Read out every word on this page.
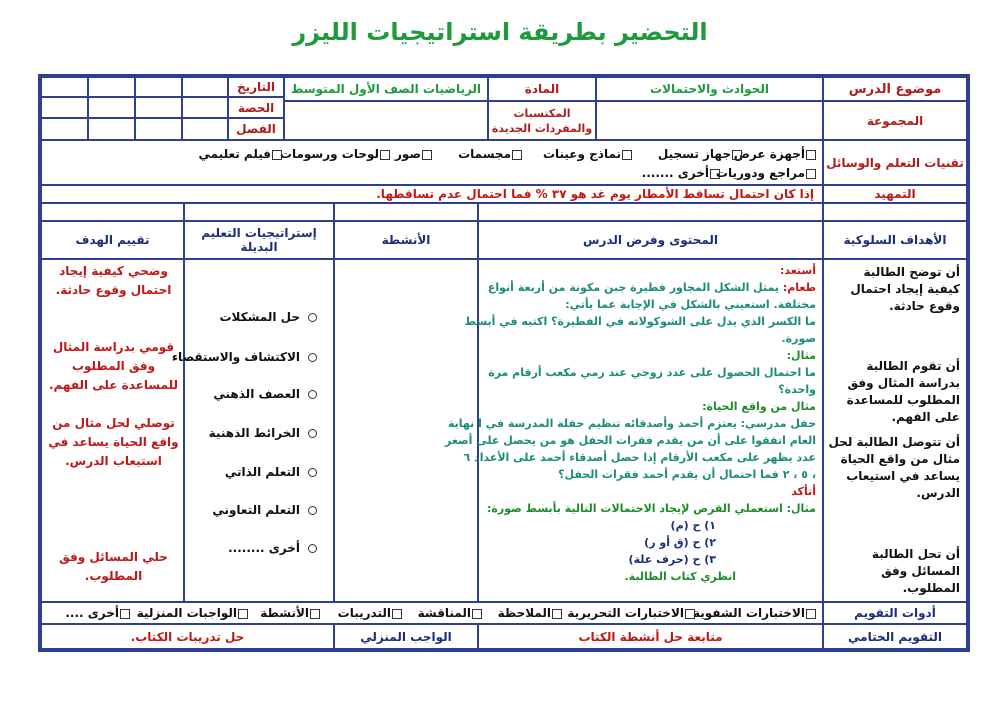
التحضير بطريقة استراتيجيات الليزر
موضوع الدرس
الحوادث والاحتمالات
المادة
الرياضيات الصف الأول المتوسط
التاريخ
الحصة
الفصل
المجموعة
المكتسبات والمفردات الجديدة
تقنيات التعلم والوسائل
أجهزة عرض
جهاز تسجيل
نماذج وعينات
مجسمات
صور
لوحات ورسومات
فيلم تعليمي
مراجع ودوريات
أخرى .......
التمهيد
إذا كان احتمال تساقط الأمطار يوم غد هو ٣٧ % فما احتمال عدم تساقطها.
الأهداف السلوكية
المحتوى وفرض الدرس
الأنشطة
إستراتيجيات التعليم البديلة
تقييم الهدف
أن توضح الطالبة كيفية إيجاد احتمال وقوع حادثة.
أن تقوم الطالبة بدراسة المثال وفق المطلوب للمساعدة على الفهم.
أن تتوصل الطالبة لحل مثال من واقع الحياة يساعد في استيعاب الدرس.
أن تحل الطالبة المسائل وفق المطلوب.
أستعد:
طعام: يمثل الشكل المجاور فطيرة جبن مكونة من أربعة أنواع
مختلفة. استعيني بالشكل في الإجابة عما يأتي:
ما الكسر الذي يدل على الشوكولاته في الفطيرة؟ اكتبه في أبسط
صورة.
مثال:
ما احتمال الحصول على عدد زوجي عند رمي مكعب أرقام مرة
واحدة؟
مثال من واقع الحياة:
حفل مدرسي: يعتزم أحمد وأصدقائه تنظيم حفلة المدرسة في ا نهاية
العام اتفقوا على أن من يقدم فقرات الحفل هو من يحصل على أصغر
عدد يظهر على مكعب الأرقام إذا حصل أصدقاء أحمد على الأعداد ٦
، ٥ ، ٢ فما احتمال أن يقدم أحمد فقرات الحفل؟
أتأكد
مثال: استعملي القرص لإيجاد الاحتمالات التالية بأبسط صورة:
١) ح (م)
٢) ح (ق أو ر)
٣) ح (حرف علة)
انظري كتاب الطالبة.
حل المشكلات
الاكتشاف والاستقصاء
العصف الذهني
الخرائط الذهنية
التعلم الذاتي
التعلم التعاوني
أخرى ........
وضحي كيفية إيجاد احتمال وقوع حادثة.
قومي بدراسة المثال وفق المطلوب للمساعدة على الفهم.
توصلي لحل مثال من واقع الحياة يساعد في استيعاب الدرس.
حلي المسائل وفق المطلوب.
أدوات التقويم
الاختبارات الشفوية
الاختبارات التحريرية
الملاحظة
المناقشة
التدريبات
الأنشطة
الواجبات المنزلية
أخرى ....
التقويم الختامي
متابعة حل أنشطة الكتاب
الواجب المنزلي
حل تدريبات الكتاب.
